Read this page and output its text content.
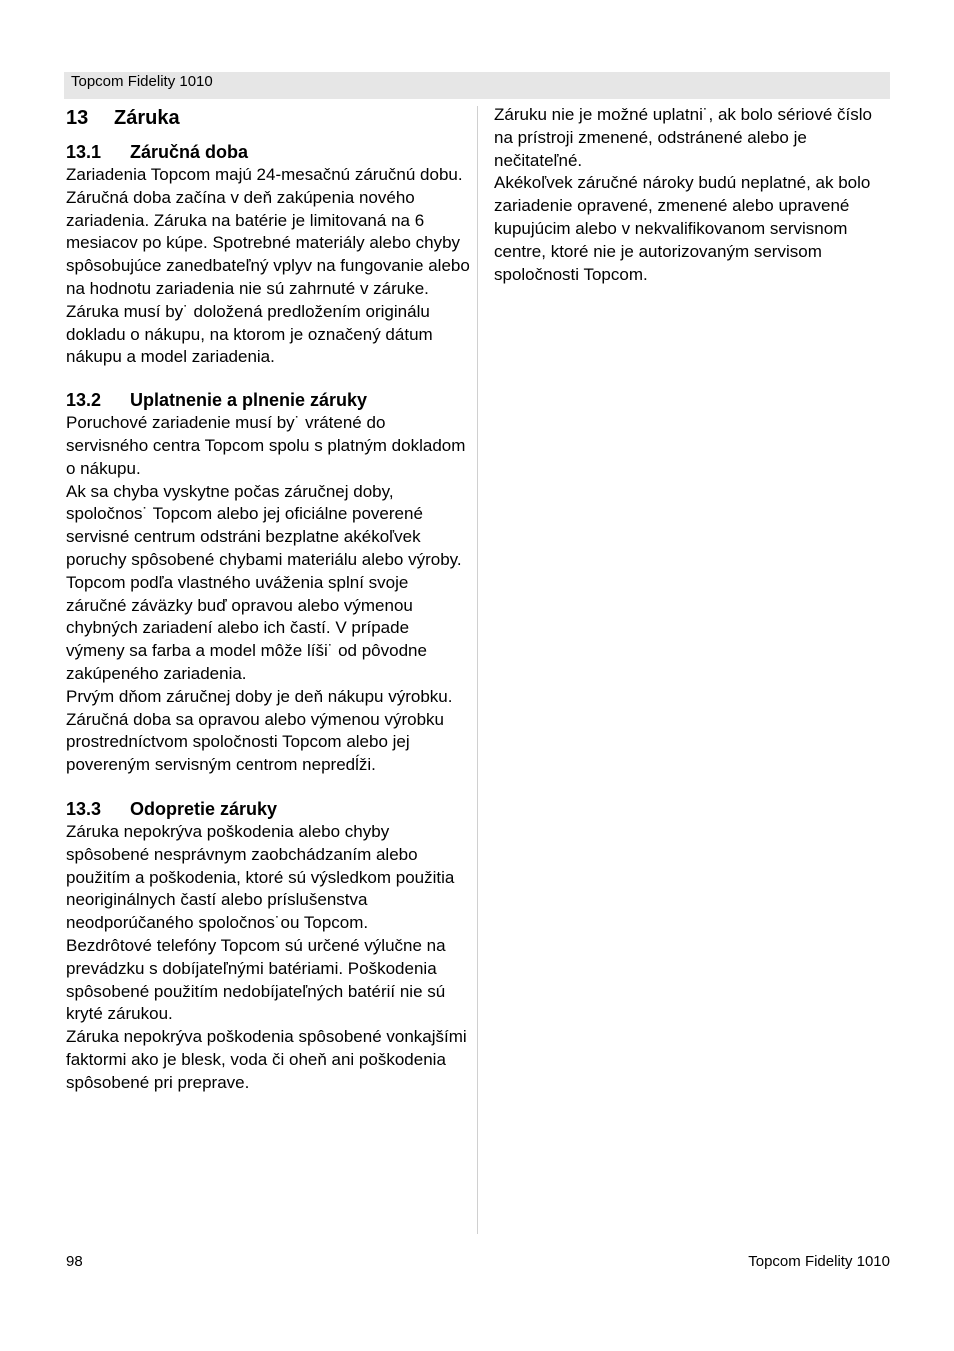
Topcom Fidelity 1010
13 Záruka
13.1 Záručná doba

Zariadenia Topcom majú 24-mesačnú záručnú dobu. Záručná doba začína v deň zakúpenia nového zariadenia. Záruka na batérie je limitovaná na 6 mesiacov po kúpe. Spotrebné materiály alebo chyby spôsobujúce zanedbateľný vplyv na fungovanie alebo na hodnotu zariadenia nie sú zahrnuté v záruke.

Záruka musí by˙ doložená predložením originálu dokladu o nákupu, na ktorom je označený dátum nákupu a model zariadenia.

13.2 Uplatnenie a plnenie záruky

Poruchové zariadenie musí by˙ vrátené do servisného centra Topcom spolu s platným dokladom o nákupu.

Ak sa chyba vyskytne počas záručnej doby, spoločnos˙ Topcom alebo jej oficiálne poverené servisné centrum odstráni bezplatne akékoľvek poruchy spôsobené chybami materiálu alebo výroby.

Topcom podľa vlastného uváženia splní svoje záručné záväzky buď opravou alebo výmenou chybných zariadení alebo ich častí. V prípade výmeny sa farba a model môže líši˙ od pôvodne zakúpeného zariadenia.

Prvým dňom záručnej doby je deň nákupu výrobku. Záručná doba sa opravou alebo výmenou výrobku prostredníctvom spoločnosti Topcom alebo jej povereným servisným centrom nepredĺži.

13.3 Odopretie záruky

Záruka nepokrýva poškodenia alebo chyby spôsobené nesprávnym zaobchádzaním alebo použitím a poškodenia, ktoré sú výsledkom použitia neoriginálnych častí alebo príslušenstva neodporúčaného spoločnos˙ou Topcom.

Bezdrôtové telefóny Topcom sú určené výlučne na prevádzku s dobíjateľnými batériami. Poškodenia spôsobené použitím nedobíjateľných batérií nie sú kryté zárukou.

Záruka nepokrýva poškodenia spôsobené vonkajšími faktormi ako je blesk, voda či oheň ani poškodenia spôsobené pri preprave.

Záruku nie je možné uplatni˙, ak bolo sériové číslo na prístroji zmenené, odstránené alebo je nečitateľné.

Akékoľvek záručné nároky budú neplatné, ak bolo zariadenie opravené, zmenené alebo upravené kupujúcim alebo v nekvalifikovanom servisnom centre, ktoré nie je autorizovaným servisom spoločnosti Topcom.

98	Topcom Fidelity 1010
